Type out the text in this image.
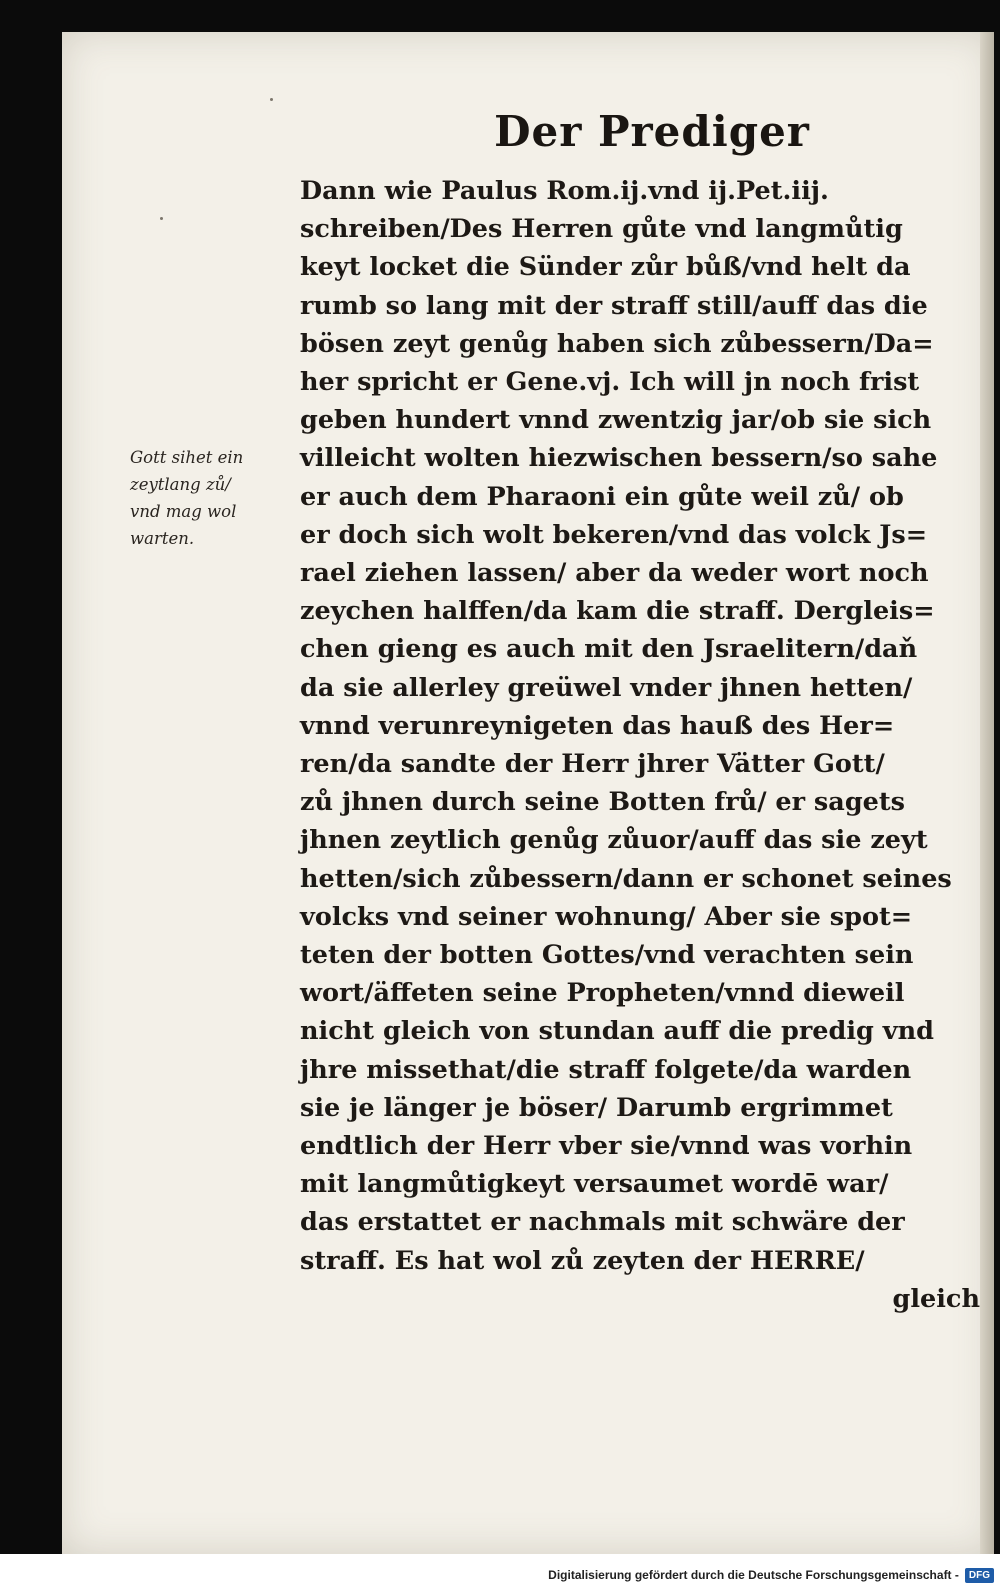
Der Prediger
Gott sihet ein
zeytlang zů/
vnd mag wol
warten.
Dann wie Paulus Rom.ij.vnd ij.Pet.iij.
schreiben/Des Herren gůte vnd langmůtig
keyt locket die Sünder zůr bůß/vnd helt da
rumb so lang mit der straff still/auff das die
bösen zeyt genůg haben sich zůbessern/Da=
her spricht er Gene.vj. Ich will jn noch frist
geben hundert vnnd zwentzig jar/ob sie sich
villeicht wolten hiezwischen bessern/so sahe
er auch dem Pharaoni ein gůte weil zů/ ob
er doch sich wolt bekeren/vnd das volck Js=
rael ziehen lassen/ aber da weder wort noch
zeychen halffen/da kam die straff. Dergleis=
chen gieng es auch mit den Jsraelitern/daň
da sie allerley greüwel vnder jhnen hetten/
vnnd verunreynigeten das hauß des Her=
ren/da sandte der Herr jhrer Vätter Gott/
zů jhnen durch seine Botten frů/ er sagets
jhnen zeytlich genůg zůuor/auff das sie zeyt
hetten/sich zůbessern/dann er schonet seines
volcks vnd seiner wohnung/ Aber sie spot=
teten der botten Gottes/vnd verachten sein
wort/äffeten seine Propheten/vnnd dieweil
nicht gleich von stundan auff die predig vnd
jhre missethat/die straff folgete/da warden
sie je länger je böser/ Darumb ergrimmet
endtlich der Herr vber sie/vnnd was vorhin
mit langmůtigkeyt versaumet wordē war/
das erstattet er nachmals mit schwäre der
straff. Es hat wol zů zeyten der HERRE/
gleich
Digitalisierung gefördert durch die Deutsche Forschungsgemeinschaft -	DFG
